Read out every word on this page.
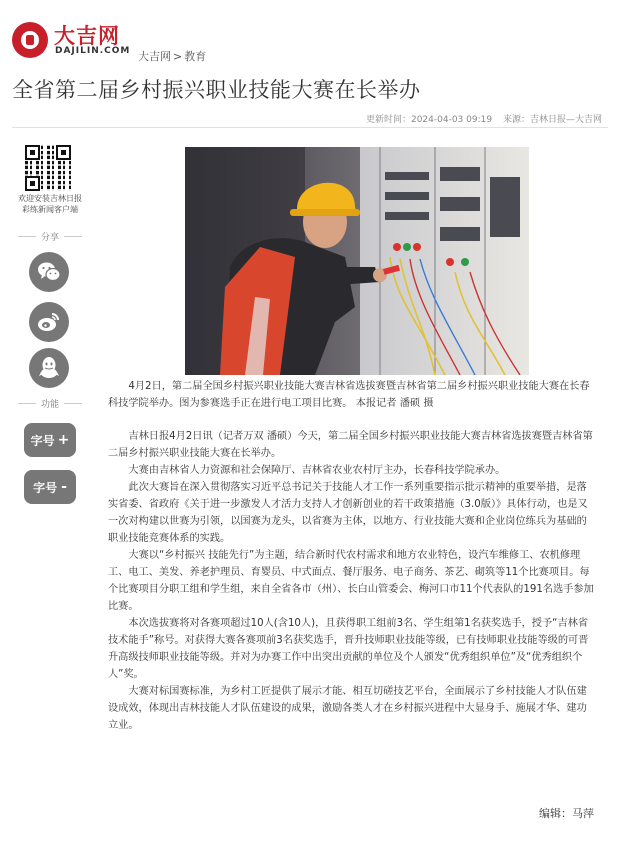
大吉网
DAJILIN.COM 大吉网 > 教育
全省第二届乡村振兴职业技能大赛在长举办
更新时间：2024-04-03 09:19 来源：吉林日报—大吉网
欢迎安装吉林日报
彩练新闻客户端
分享
功能
字号 +
字号 -

4月2日，第二届全国乡村振兴职业技能大赛吉林省选拔赛暨吉林省第二届乡村振兴职业技能大赛在长春科技学院举办。图为参赛选手正在进行电工项目比赛。 本报记者 潘硕 摄

吉林日报4月2日讯（记者万双 潘硕）今天，第二届全国乡村振兴职业技能大赛吉林省选拔赛暨吉林省第二届乡村振兴职业技能大赛在长举办。

大赛由吉林省人力资源和社会保障厅、吉林省农业农村厅主办，长春科技学院承办。

此次大赛旨在深入贯彻落实习近平总书记关于技能人才工作一系列重要指示批示精神的重要举措，是落实省委、省政府《关于进一步激发人才活力支持人才创新创业的若干政策措施（3.0版）》具体行动，也是又一次对构建以世赛为引领，以国赛为龙头，以省赛为主体，以地方、行业技能大赛和企业岗位练兵为基础的职业技能竞赛体系的实践。

大赛以“乡村振兴 技能先行”为主题，结合新时代农村需求和地方农业特色，设汽车维修工、农机修理工、电工、美发、养老护理员、育婴员、中式面点、餐厅服务、电子商务、茶艺、砌筑等11个比赛项目。每个比赛项目分职工组和学生组，来自全省各市（州）、长白山管委会、梅河口市11个代表队的191名选手参加比赛。

本次选拔赛将对各赛项超过10人(含10人)，且获得职工组前3名、学生组第1名获奖选手，授予“吉林省技术能手”称号。对获得大赛各赛项前3名获奖选手，晋升技师职业技能等级，已有技师职业技能等级的可晋升高级技师职业技能等级。并对为办赛工作中出突出贡献的单位及个人颁发“优秀组织单位”及“优秀组织个人”奖。

大赛对标国赛标准，为乡村工匠提供了展示才能、相互切磋技艺平台，全面展示了乡村技能人才队伍建设成效，体现出吉林技能人才队伍建设的成果，激励各类人才在乡村振兴进程中大显身手、施展才华、建功立业。

编辑：马萍
